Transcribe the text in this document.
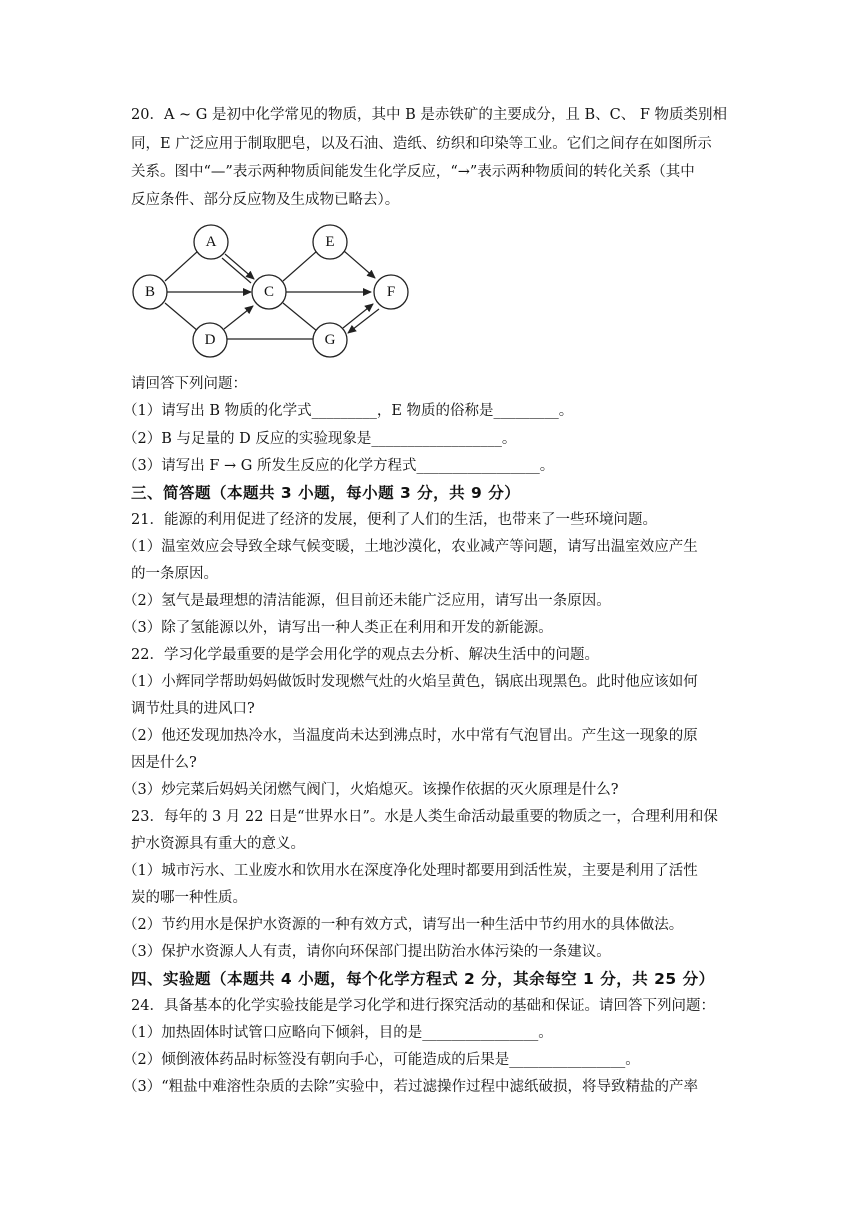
20．A ~ G 是初中化学常见的物质，其中 B 是赤铁矿的主要成分，且 B、C、 F 物质类别相
同，E 广泛应用于制取肥皂，以及石油、造纸、纺织和印染等工业。它们之间存在如图所示
关系。图中“—”表示两种物质间能发生化学反应，“→”表示两种物质间的转化关系（其中
反应条件、部分反应物及生成物已略去）。
A
B	C
D
E
F
G
请回答下列问题：
（1）请写出 B 物质的化学式_________，E 物质的俗称是_________。
（2）B 与足量的 D 反应的实验现象是__________________。
（3）请写出 F → G 所发生反应的化学方程式_________________。
三、简答题（本题共 3 小题，每小题 3 分，共 9 分）
21．能源的利用促进了经济的发展，便利了人们的生活，也带来了一些环境问题。
（1）温室效应会导致全球气候变暖，土地沙漠化，农业减产等问题，请写出温室效应产生
的一条原因。
（2）氢气是最理想的清洁能源，但目前还未能广泛应用，请写出一条原因。
（3）除了氢能源以外，请写出一种人类正在利用和开发的新能源。
22．学习化学最重要的是学会用化学的观点去分析、解决生活中的问题。
（1）小辉同学帮助妈妈做饭时发现燃气灶的火焰呈黄色，锅底出现黑色。此时他应该如何
调节灶具的进风口?
（2）他还发现加热冷水，当温度尚未达到沸点时，水中常有气泡冒出。产生这一现象的原
因是什么?
（3）炒完菜后妈妈关闭燃气阀门，火焰熄灭。该操作依据的灭火原理是什么?
23．每年的 3 月 22 日是“世界水日”。水是人类生命活动最重要的物质之一，合理利用和保
护水资源具有重大的意义。
（1）城市污水、工业废水和饮用水在深度净化处理时都要用到活性炭，主要是利用了活性
炭的哪一种性质。
（2）节约用水是保护水资源的一种有效方式，请写出一种生活中节约用水的具体做法。
（3）保护水资源人人有责，请你向环保部门提出防治水体污染的一条建议。
四、实验题（本题共 4 小题，每个化学方程式 2 分，其余每空 1 分，共 25 分）
24．具备基本的化学实验技能是学习化学和进行探究活动的基础和保证。请回答下列问题：
（1）加热固体时试管口应略向下倾斜，目的是________________。
（2）倾倒液体药品时标签没有朝向手心，可能造成的后果是________________。
（3）“粗盐中难溶性杂质的去除”实验中，若过滤操作过程中滤纸破损，将导致精盐的产率
